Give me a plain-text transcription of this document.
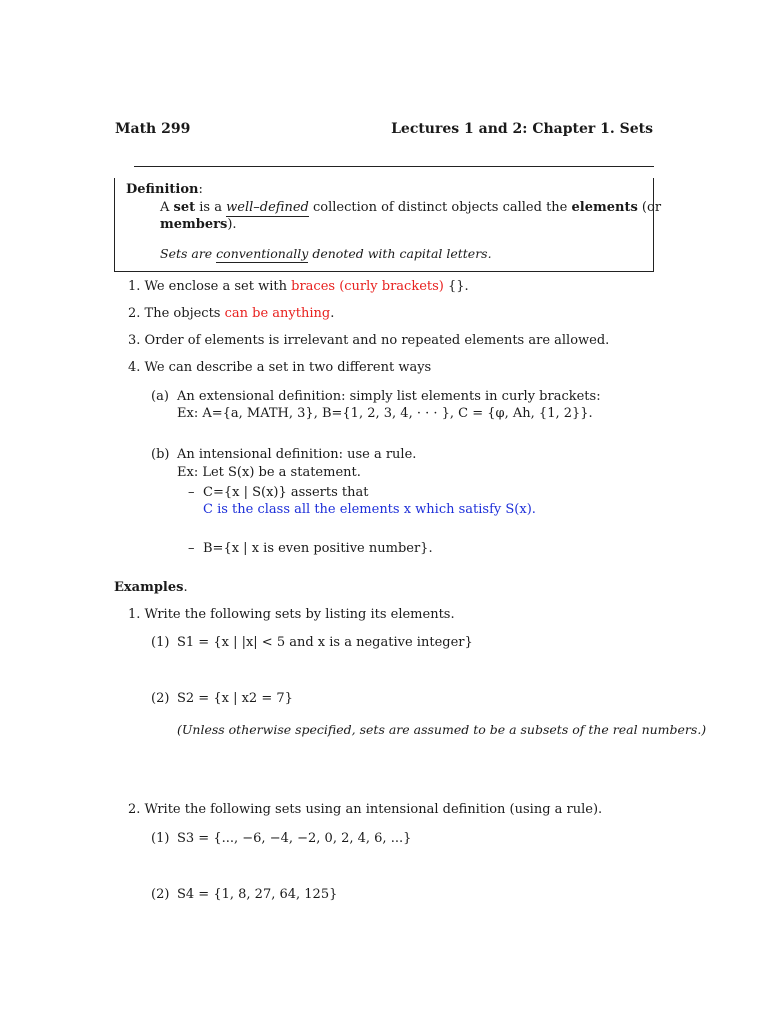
Math 299	Lectures 1 and 2: Chapter 1. Sets
Definition:
A set is a well–defined collection of distinct objects called the elements (or
members).
Sets are conventionally denoted with capital letters.
1. We enclose a set with braces (curly brackets) {}.
2. The objects can be anything.
3. Order of elements is irrelevant and no repeated elements are allowed.
4. We can describe a set in two different ways
(a) An extensional definition: simply list elements in curly brackets:
Ex: A={a, MATH, 3}, B={1, 2, 3, 4, · · · }, C = {φ, Ah, {1, 2}}.
(b) An intensional definition: use a rule.
Ex: Let S(x) be a statement.
– C={x | S(x)} asserts that
C is the class all the elements x which satisfy S(x).
– B={x | x is even positive number}.
Examples.
1. Write the following sets by listing its elements.
(1) S1 = {x | |x| < 5 and x is a negative integer}
(2) S2 = {x | x2 = 7}
(Unless otherwise specified, sets are assumed to be a subsets of the real numbers.)
2. Write the following sets using an intensional definition (using a rule).
(1) S3 = {..., −6, −4, −2, 0, 2, 4, 6, ...}
(2) S4 = {1, 8, 27, 64, 125}
